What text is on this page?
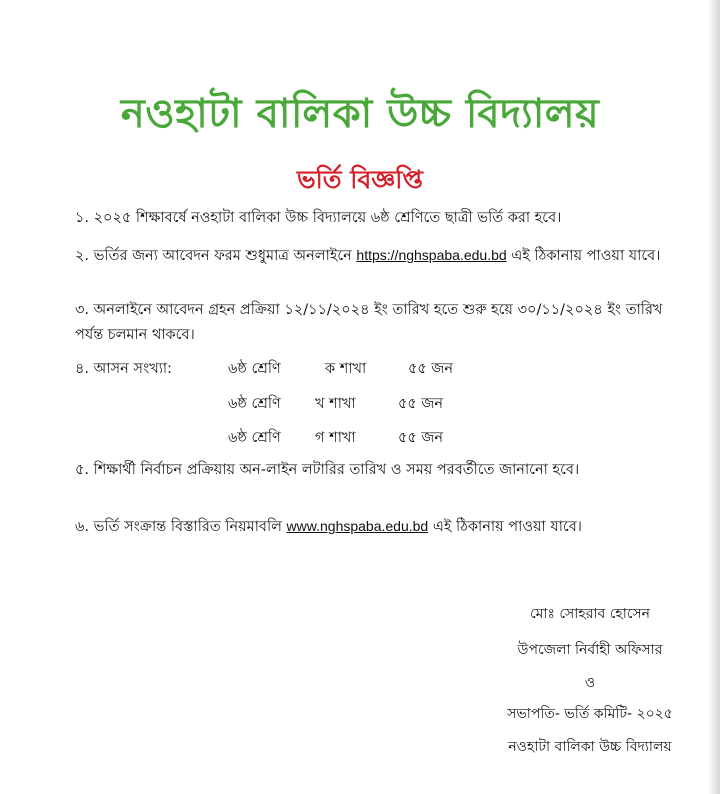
নওহাটা বালিকা উচ্চ বিদ্যালয়
ভর্তি বিজ্ঞপ্তি
১. ২০২৫ শিক্ষাবর্ষে নওহাটা বালিকা উচ্চ বিদ্যালয়ে ৬ষ্ঠ শ্রেণিতে ছাত্রী ভর্তি করা হবে।
২. ভর্তির জন্য আবেদন ফরম শুধুমাত্র অনলাইনে https://nghspaba.edu.bd এই ঠিকানায় পাওয়া যাবে।
৩. অনলাইনে আবেদন গ্রহন প্রক্রিয়া ১২/১১/২০২৪ ইং তারিখ হতে শুরু হয়ে ৩০/১১/২০২৪ ইং তারিখ পর্যন্ত চলমান থাকবে।
৪. আসন সংখ্যা:	৬ষ্ঠ শ্রেণি	ক শাখা	৫৫ জন
৬ষ্ঠ শ্রেণি খ শাখা	৫৫ জন
৬ষ্ঠ শ্রেণি গ শাখা	৫৫ জন
৫. শিক্ষার্থী নির্বাচন প্রক্রিয়ায় অন-লাইন লটারির তারিখ ও সময় পরবর্তীতে জানানো হবে।
৬. ভর্তি সংক্রান্ত বিস্তারিত নিয়মাবলি www.nghspaba.edu.bd এই ঠিকানায় পাওয়া যাবে।
মোঃ সোহরাব হোসেন
উপজেলা নির্বাহী অফিসার
ও
সভাপতি- ভর্তি কমিটি- ২০২৫
নওহাটা বালিকা উচ্চ বিদ্যালয়
